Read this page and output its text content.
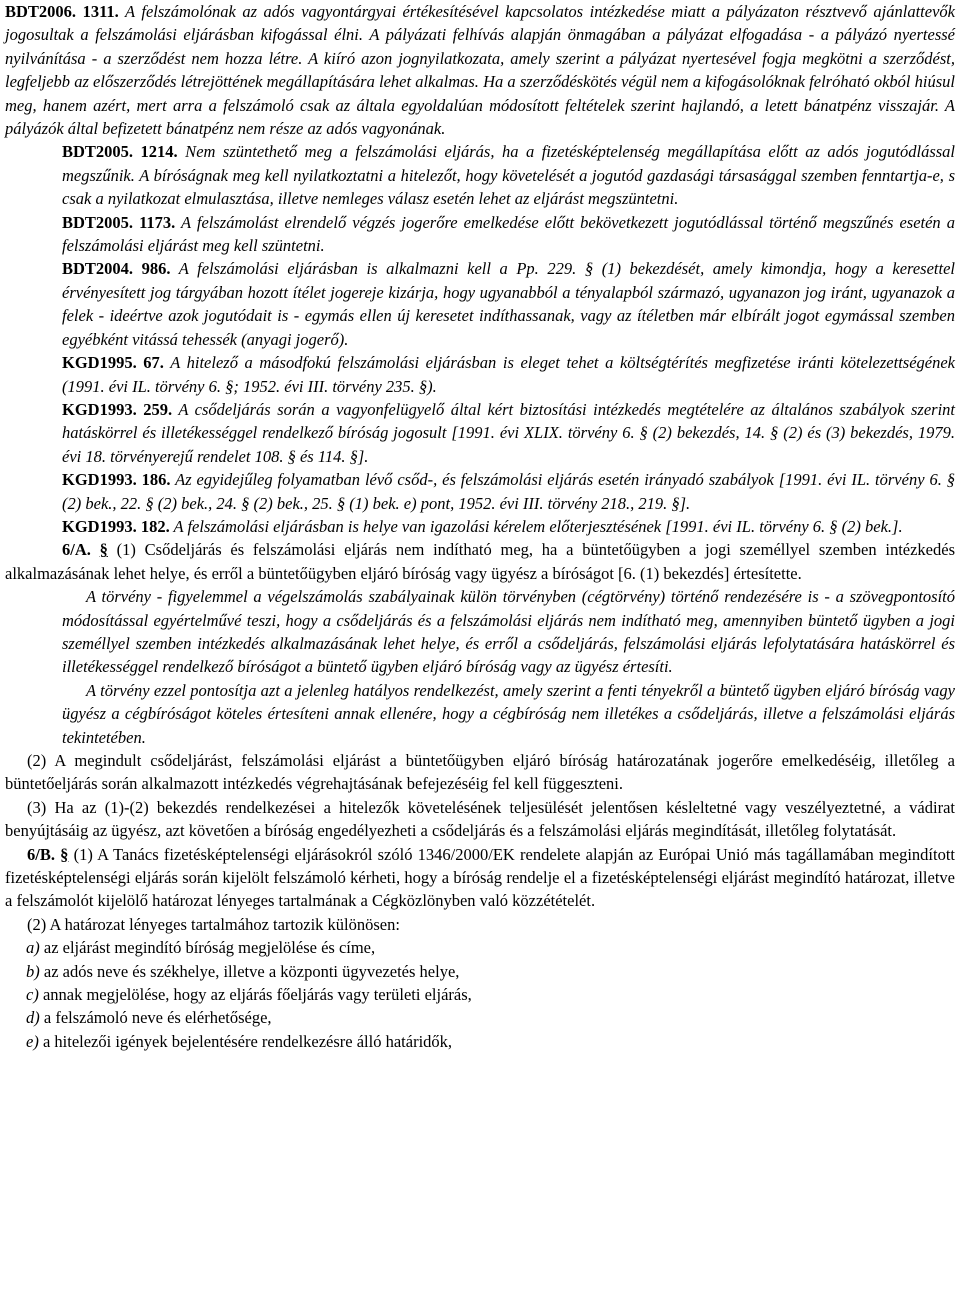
BDT2006. 1311. A felszámolónak az adós vagyontárgyai értékesítésével kapcsolatos intézkedése miatt a pályázaton résztvevő ajánlattevők jogosultak a felszámolási eljárásban kifogással élni. A pályázati felhívás alapján önmagában a pályázat elfogadása - a pályázó nyertessé nyilvánítása - a szerződést nem hozza létre. A kiíró azon jognyilatkozata, amely szerint a pályázat nyertesével fogja megkötni a szerződést, legfeljebb az előszerződés létrejöttének megállapítására lehet alkalmas. Ha a szerződéskötés végül nem a kifogásolóknak felróható okból hiúsul meg, hanem azért, mert arra a felszámoló csak az általa egyoldalúan módosított feltételek szerint hajlandó, a letett bánatpénz visszajár. A pályázók által befizetett bánatpénz nem része az adós vagyonának.
BDT2005. 1214. Nem szüntethető meg a felszámolási eljárás, ha a fizetésképtelenség megállapítása előtt az adós jogutódlással megszűnik. A bíróságnak meg kell nyilatkoztatni a hitelezőt, hogy követelését a jogutód gazdasági társasággal szemben fenntartja-e, s csak a nyilatkozat elmulasztása, illetve nemleges válasz esetén lehet az eljárást megszüntetni.
BDT2005. 1173. A felszámolást elrendelő végzés jogerőre emelkedése előtt bekövetkezett jogutódlással történő megszűnés esetén a felszámolási eljárást meg kell szüntetni.
BDT2004. 986. A felszámolási eljárásban is alkalmazni kell a Pp. 229. § (1) bekezdését, amely kimondja, hogy a keresettel érvényesített jog tárgyában hozott ítélet jogereje kizárja, hogy ugyanabból a tényalapból származó, ugyanazon jog iránt, ugyanazok a felek - ideértve azok jogutódait is - egymás ellen új keresetet indíthassanak, vagy az ítéletben már elbírált jogot egymással szemben egyébként vitássá tehessék (anyagi jogerő).
KGD1995. 67. A hitelező a másodfokú felszámolási eljárásban is eleget tehet a költségtérítés megfizetése iránti kötelezettségének (1991. évi IL. törvény 6. §; 1952. évi III. törvény 235. §).
KGD1993. 259. A csődeljárás során a vagyonfelügyelő által kért biztosítási intézkedés megtételére az általános szabályok szerint hatáskörrel és illetékességgel rendelkező bíróság jogosult [1991. évi XLIX. törvény 6. § (2) bekezdés, 14. § (2) és (3) bekezdés, 1979. évi 18. törvényerejű rendelet 108. § és 114. §].
KGD1993. 186. Az egyidejűleg folyamatban lévő csőd-, és felszámolási eljárás esetén irányadó szabályok [1991. évi IL. törvény 6. § (2) bek., 22. § (2) bek., 24. § (2) bek., 25. § (1) bek. e) pont, 1952. évi III. törvény 218., 219. §].
KGD1993. 182. A felszámolási eljárásban is helye van igazolási kérelem előterjesztésének [1991. évi IL. törvény 6. § (2) bek.].

6/A. § (1) Csődeljárás és felszámolási eljárás nem indítható meg, ha a büntetőügyben a jogi személlyel szemben intézkedés alkalmazásának lehet helye, és erről a büntetőügyben eljáró bíróság vagy ügyész a bíróságot [6. (1) bekezdés] értesítette.

A törvény - figyelemmel a végelszámolás szabályainak külön törvényben (cégtörvény) történő rendezésére is - a szövegpontosító módosítással egyértelművé teszi, hogy a csődeljárás és a felszámolási eljárás nem indítható meg, amennyiben büntető ügyben a jogi személlyel szemben intézkedés alkalmazásának lehet helye, és erről a csődeljárás, felszámolási eljárás lefolytatására hatáskörrel és illetékességgel rendelkező bíróságot a büntető ügyben eljáró bíróság vagy az ügyész értesíti.

A törvény ezzel pontosítja azt a jelenleg hatályos rendelkezést, amely szerint a fenti tényekről a büntető ügyben eljáró bíróság vagy ügyész a cégbíróságot köteles értesíteni annak ellenére, hogy a cégbíróság nem illetékes a csődeljárás, illetve a felszámolási eljárás tekintetében.

(2) A megindult csődeljárást, felszámolási eljárást a büntetőügyben eljáró bíróság határozatának jogerőre emelkedéséig, illetőleg a büntetőeljárás során alkalmazott intézkedés végrehajtásának befejezéséig fel kell függeszteni.

(3) Ha az (1)-(2) bekezdés rendelkezései a hitelezők követelésének teljesülését jelentősen késleltetné vagy veszélyeztetné, a vádirat benyújtásáig az ügyész, azt követően a bíróság engedélyezheti a csődeljárás és a felszámolási eljárás megindítását, illetőleg folytatását.

6/B. § (1) A Tanács fizetésképtelenségi eljárásokról szóló 1346/2000/EK rendelete alapján az Európai Unió más tagállamában megindított fizetésképtelenségi eljárás során kijelölt felszámoló kérheti, hogy a bíróság rendelje el a fizetésképtelenségi eljárást megindító határozat, illetve a felszámolót kijelölő határozat lényeges tartalmának a Cégközlönyben való közzétételét.

(2) A határozat lényeges tartalmához tartozik különösen:

a) az eljárást megindító bíróság megjelölése és címe,
b) az adós neve és székhelye, illetve a központi ügyvezetés helye,
c) annak megjelölése, hogy az eljárás főeljárás vagy területi eljárás,
d) a felszámoló neve és elérhetősége,
e) a hitelezői igények bejelentésére rendelkezésre álló határidők,
